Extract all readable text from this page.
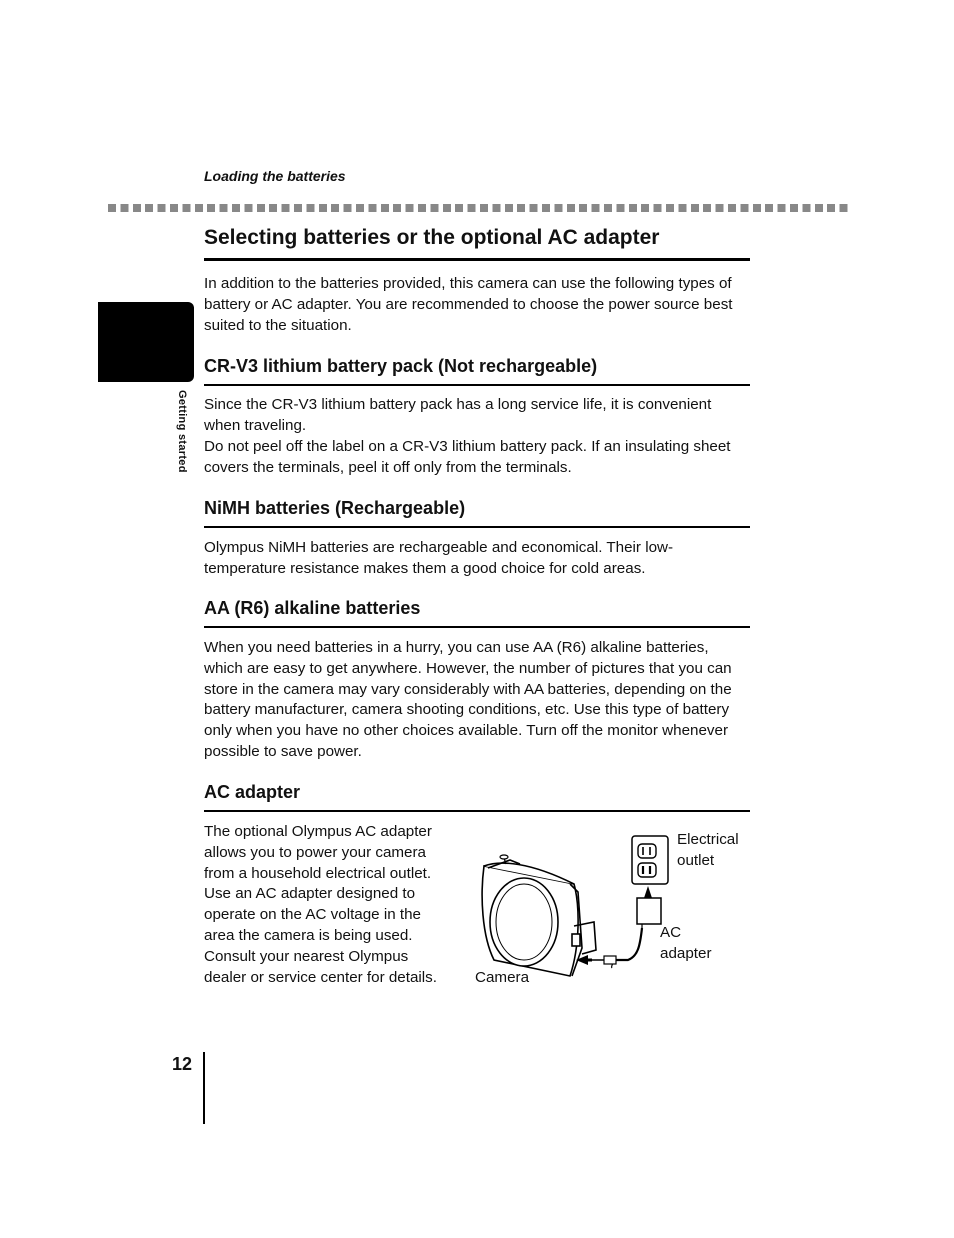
Loading the batteries
Getting started
Selecting batteries or the optional AC adapter

In addition to the batteries provided, this camera can use the following types of battery or AC adapter. You are recommended to choose the power source best suited to the situation.

CR-V3 lithium battery pack (Not rechargeable)

Since the CR-V3 lithium battery pack has a long service life, it is convenient when traveling.

Do not peel off the label on a CR-V3 lithium battery pack. If an insulating sheet covers the terminals, peel it off only from the terminals.

NiMH batteries (Rechargeable)

Olympus NiMH batteries are rechargeable and economical. Their low-temperature resistance makes them a good choice for cold areas.

AA (R6) alkaline batteries

When you need batteries in a hurry, you can use AA (R6) alkaline batteries, which are easy to get anywhere. However, the number of pictures that you can store in the camera may vary considerably with AA batteries, depending on the battery manufacturer, camera shooting conditions, etc. Use this type of battery only when you have no other choices available. Turn off the monitor whenever possible to save power.

AC adapter

The optional Olympus AC adapter allows you to power your camera from a household electrical outlet. Use an AC adapter designed to operate on the AC voltage in the area the camera is being used. Consult your nearest Olympus dealer or service center for details.

Electrical
outlet
AC
adapter
Camera
12
